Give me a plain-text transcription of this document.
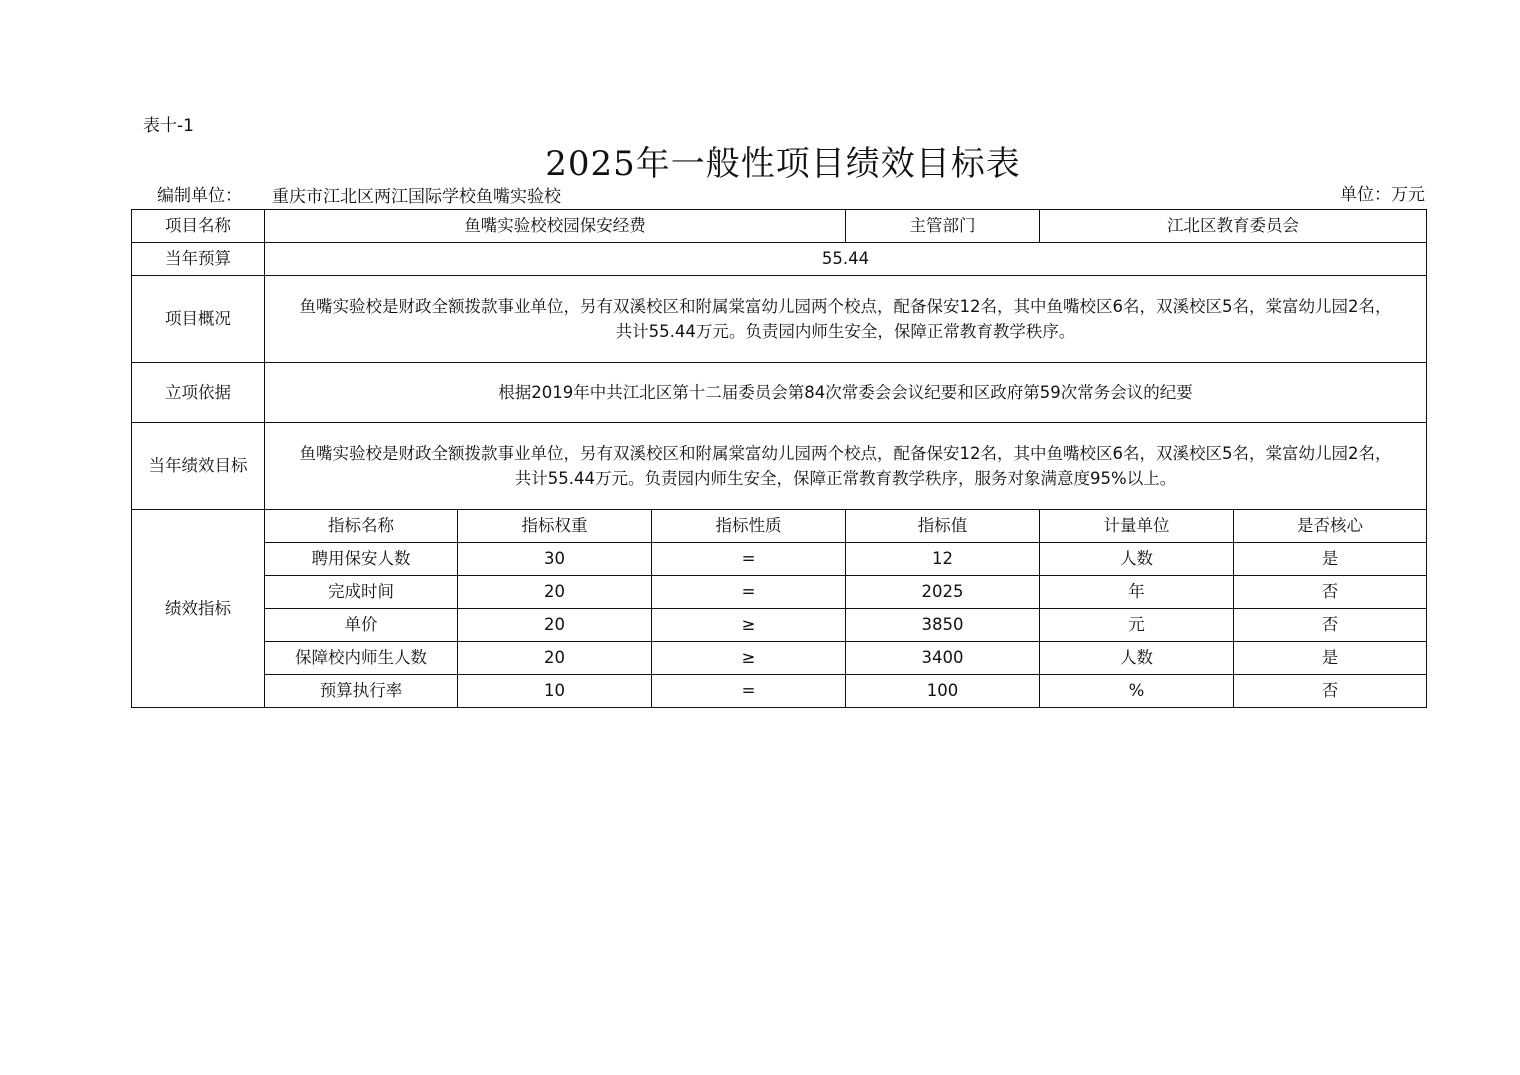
表十-1
2025年一般性项目绩效目标表
编制单位： 重庆市江北区两江国际学校鱼嘴实验校	单位：万元
项目名称	鱼嘴实验校校园保安经费			主管部门	江北区教育委员会	
当年预算	55.44					
项目概况	鱼嘴实验校是财政全额拨款事业单位，另有双溪校区和附属棠富幼儿园两个校点，配备保安12名，其中鱼嘴校区6名，双溪校区5名，棠富幼儿园2名，共计55.44万元。负责园内师生安全，保障正常教育教学秩序。					
立项依据	根据2019年中共江北区第十二届委员会第84次常委会会议纪要和区政府第59次常务会议的纪要					
当年绩效目标	鱼嘴实验校是财政全额拨款事业单位，另有双溪校区和附属棠富幼儿园两个校点，配备保安12名，其中鱼嘴校区6名，双溪校区5名，棠富幼儿园2名，共计55.44万元。负责园内师生安全，保障正常教育教学秩序，服务对象满意度95%以上。					
绩效指标	指标名称	指标权重	指标性质	指标值	计量单位	是否核心
	聘用保安人数	30	=	12	人数	是
	完成时间	20	=	2025	年	否
	单价	20	≥	3850	元	否
	保障校内师生人数	20	≥	3400	人数	是
	预算执行率	10	=	100	%	否
